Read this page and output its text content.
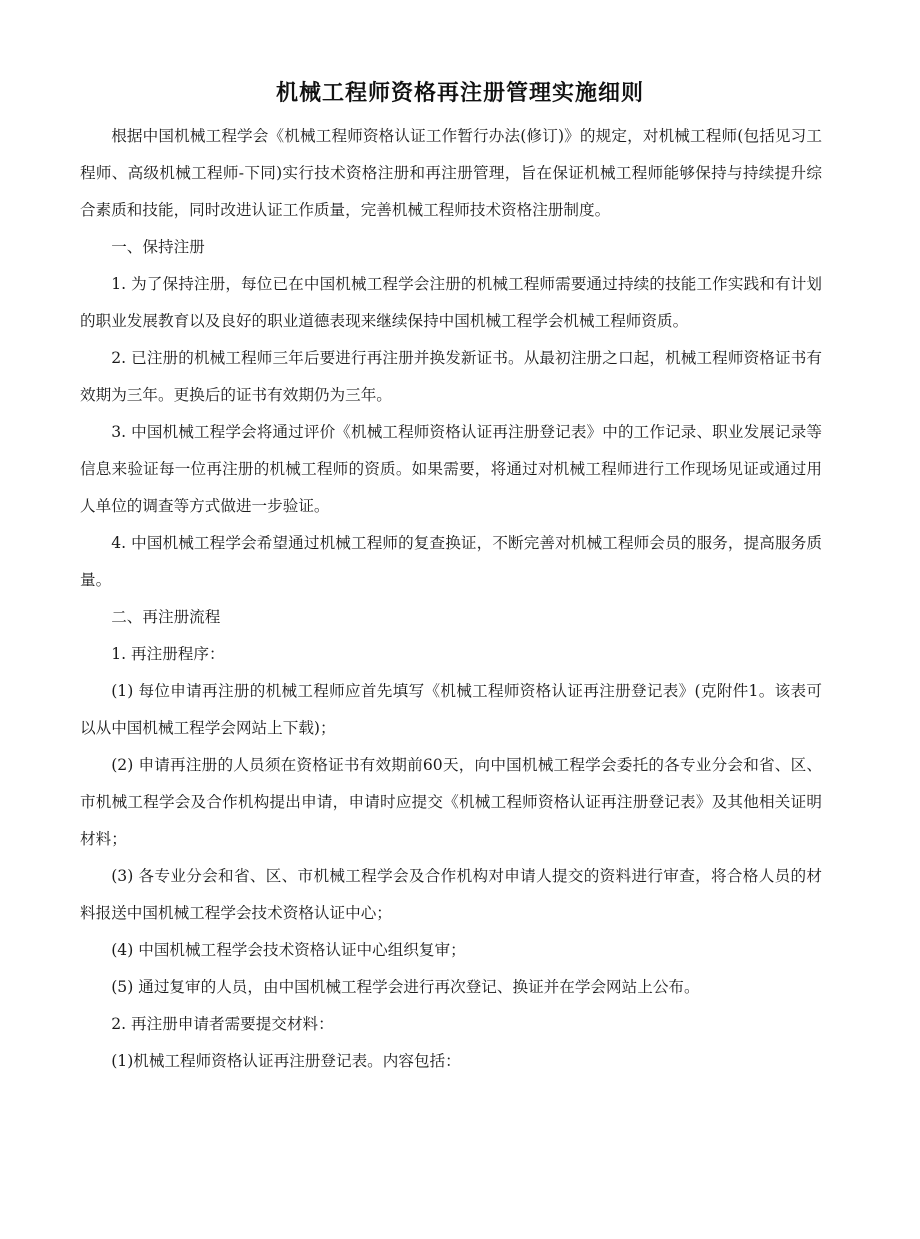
机械工程师资格再注册管理实施细则

根据中国机械工程学会《机械工程师资格认证工作暂行办法(修订)》的规定，对机械工程师(包括见习工程师、高级机械工程师-下同)实行技术资格注册和再注册管理，旨在保证机械工程师能够保持与持续提升综合素质和技能，同时改进认证工作质量，完善机械工程师技术资格注册制度。

一、保持注册

1. 为了保持注册，每位已在中国机械工程学会注册的机械工程师需要通过持续的技能工作实践和有计划的职业发展教育以及良好的职业道德表现来继续保持中国机械工程学会机械工程师资质。

2. 已注册的机械工程师三年后要进行再注册并换发新证书。从最初注册之口起，机械工程师资格证书有效期为三年。更换后的证书有效期仍为三年。

3. 中国机械工程学会将通过评价《机械工程师资格认证再注册登记表》中的工作记录、职业发展记录等信息来验证每一位再注册的机械工程师的资质。如果需要，将通过对机械工程师进行工作现场见证或通过用人单位的调查等方式做进一步验证。

4. 中国机械工程学会希望通过机械工程师的复查换证，不断完善对机械工程师会员的服务，提高服务质量。

二、再注册流程

1. 再注册程序：

(1) 每位申请再注册的机械工程师应首先填写《机械工程师资格认证再注册登记表》(克附件1。该表可以从中国机械工程学会网站上下载)；

(2) 申请再注册的人员须在资格证书有效期前60天，向中国机械工程学会委托的各专业分会和省、区、市机械工程学会及合作机构提出申请，申请时应提交《机械工程师资格认证再注册登记表》及其他相关证明材料；

(3) 各专业分会和省、区、市机械工程学会及合作机构对申请人提交的资料进行审查，将合格人员的材料报送中国机械工程学会技术资格认证中心；

(4) 中国机械工程学会技术资格认证中心组织复审；

(5) 通过复审的人员，由中国机械工程学会进行再次登记、换证并在学会网站上公布。

2. 再注册申请者需要提交材料：

(1)机械工程师资格认证再注册登记表。内容包括：
